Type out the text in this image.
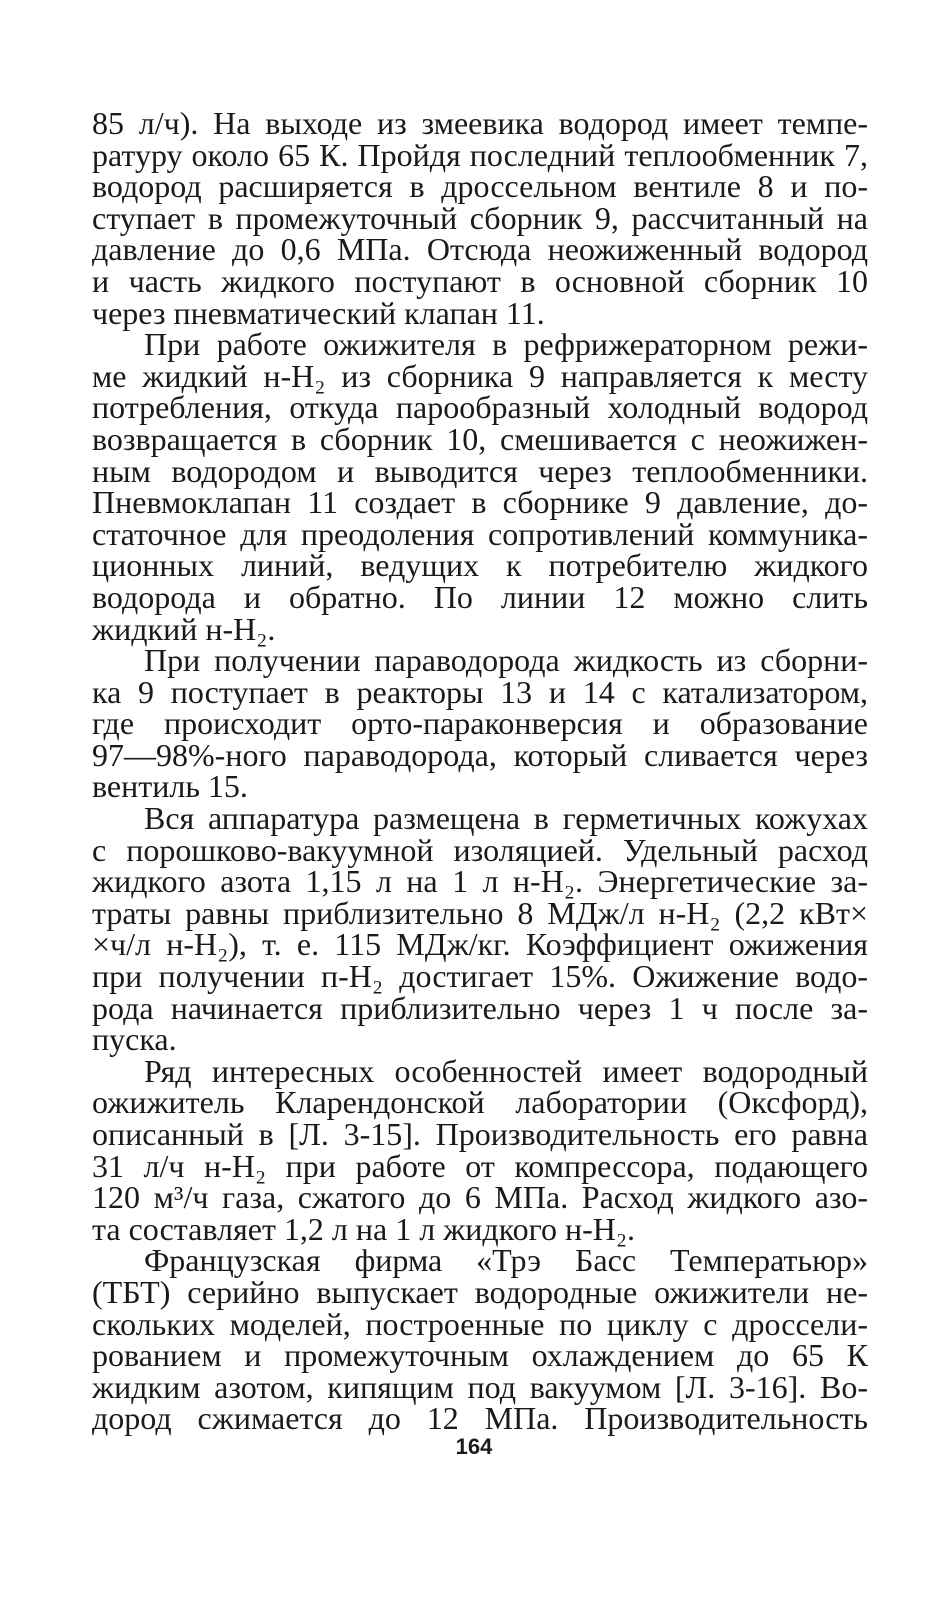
85 л/ч). На выходе из змеевика водород имеет темпе-
ратуру около 65 К. Пройдя последний теплообменник 7,
водород расширяется в дроссельном вентиле 8 и по-
ступает в промежуточный сборник 9, рассчитанный на
давление до 0,6 МПа. Отсюда неожиженный водород
и часть жидкого поступают в основной сборник 10
через пневматический клапан 11.
При работе ожижителя в рефрижераторном режи-
ме жидкий н-H₂ из сборника 9 направляется к месту
потребления, откуда парообразный холодный водород
возвращается в сборник 10, смешивается с неожижен-
ным водородом и выводится через теплообменники.
Пневмоклапан 11 создает в сборнике 9 давление, до-
статочное для преодоления сопротивлений коммуника-
ционных линий, ведущих к потребителю жидкого
водорода и обратно. По линии 12 можно слить
жидкий н-H₂.
При получении параводорода жидкость из сборни-
ка 9 поступает в реакторы 13 и 14 с катализатором,
где происходит орто-параконверсия и образование
97—98%-ного параводорода, который сливается через
вентиль 15.
Вся аппаратура размещена в герметичных кожухах
с порошково-вакуумной изоляцией. Удельный расход
жидкого азота 1,15 л на 1 л н-H₂. Энергетические за-
траты равны приблизительно 8 МДж/л н-H₂ (2,2 кВт×
×ч/л н-H₂), т. е. 115 МДж/кг. Коэффициент ожижения
при получении п-H₂ достигает 15%. Ожижение водо-
рода начинается приблизительно через 1 ч после за-
пуска.
Ряд интересных особенностей имеет водородный
ожижитель Кларендонской лаборатории (Оксфорд),
описанный в [Л. 3-15]. Производительность его равна
31 л/ч н-H₂ при работе от компрессора, подающего
120 м³/ч газа, сжатого до 6 МПа. Расход жидкого азо-
та составляет 1,2 л на 1 л жидкого н-H₂.
Французская фирма «Трэ Басс Температьюр»
(ТБТ) серийно выпускает водородные ожижители не-
скольких моделей, построенные по циклу с дроссели-
рованием и промежуточным охлаждением до 65 К
жидким азотом, кипящим под вакуумом [Л. 3-16]. Во-
дород сжимается до 12 МПа. Производительность
164
